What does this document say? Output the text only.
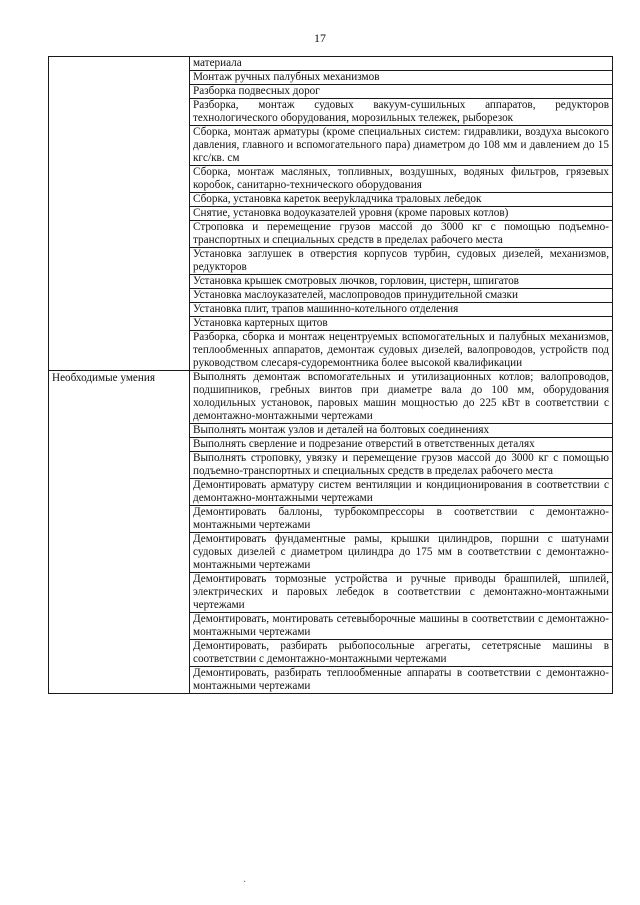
17
	материала
	Монтаж ручных палубных механизмов
	Разборка подвесных дорог
	Разборка, монтаж судовых вакуум-сушильных аппаратов, редукторов технологического оборудования, морозильных тележек, рыборезок
	Сборка, монтаж арматуры (кроме специальных систем: гидравлики, воздуха высокого давления, главного и вспомогательного пара) диаметром до 108 мм и давлением до 15 кгс/кв. см
	Сборка, монтаж масляных, топливных, воздушных, водяных фильтров, грязевых коробок, санитарно-технического оборудования
	Сборка, установка кареток вееруkладчика траловых лебедок
	Снятие, установка водоуказателей уровня (кроме паровых котлов)
	Строповка и перемещение грузов массой до 3000 кг с помощью подъемно-транспортных и специальных средств в пределах рабочего места
	Установка заглушек в отверстия корпусов турбин, судовых дизелей, механизмов, редукторов
	Установка крышек смотровых лючков, горловин, цистерн, шпигатов
	Установка маслоуказателей, маслопроводов принудительной смазки
	Установка плит, трапов машинно-котельного отделения
	Установка картерных щитов
	Разборка, сборка и монтаж нецентруемых вспомогательных и палубных механизмов, теплообменных аппаратов, демонтаж судовых дизелей, валопроводов, устройств под руководством слесаря-судоремонтника более высокой квалификации

Необходимые умения	Выполнять демонтаж вспомогательных и утилизационных котлов; валопроводов, подшипников, гребных винтов при диаметре вала до 100 мм, оборудования холодильных установок, паровых машин мощностью до 225 кВт в соответствии с демонтажно-монтажными чертежами
	Выполнять монтаж узлов и деталей на болтовых соединениях
	Выполнять сверление и подрезание отверстий в ответственных деталях
	Выполнять строповку, увязку и перемещение грузов массой до 3000 кг с помощью подъемно-транспортных и специальных средств в пределах рабочего места
	Демонтировать арматуру систем вентиляции и кондиционирования в соответствии с демонтажно-монтажными чертежами
	Демонтировать баллоны, турбокомпрессоры в соответствии с демонтажно-монтажными чертежами
	Демонтировать фундаментные рамы, крышки цилиндров, поршни с шатунами судовых дизелей с диаметром цилиндра до 175 мм в соответствии с демонтажно-монтажными чертежами
	Демонтировать тормозные устройства и ручные приводы брашпилей, шпилей, электрических и паровых лебедок в соответствии с демонтажно-монтажными чертежами
	Демонтировать, монтировать сетевыборочные машины в соответствии с демонтажно-монтажными чертежами
	Демонтировать, разбирать рыбопосольные агрегаты, сететрясные машины в соответствии с демонтажно-монтажными чертежами
	Демонтировать, разбирать теплообменные аппараты в соответствии с демонтажно-монтажными чертежами
·
